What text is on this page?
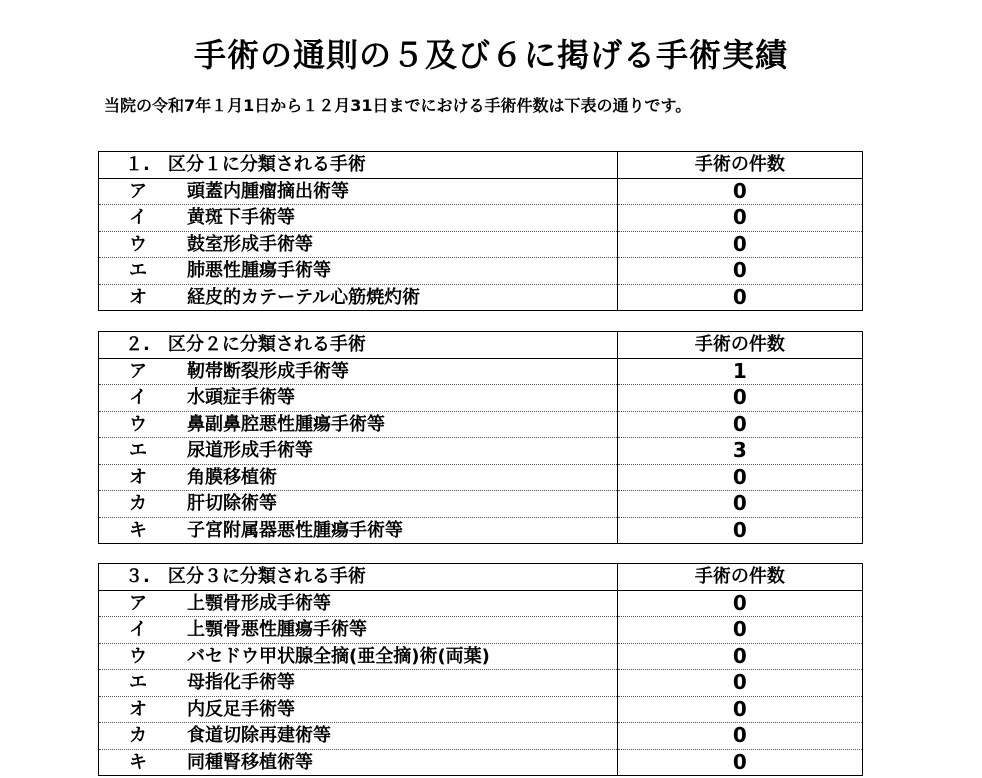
手術の通則の５及び６に掲げる手術実績
当院の令和7年１月1日から１２月31日までにおける手術件数は下表の通りです。
１.　区分１に分類される手術	手術の件数
ア 頭蓋内腫瘤摘出術等	0
イ 黄斑下手術等	0
ウ 鼓室形成手術等	0
エ 肺悪性腫瘍手術等	0
オ 経皮的カテーテル心筋焼灼術	0
２.　区分２に分類される手術	手術の件数
ア 靭帯断裂形成手術等	1
イ 水頭症手術等	0
ウ 鼻副鼻腔悪性腫瘍手術等	0
エ 尿道形成手術等	3
オ 角膜移植術	0
カ 肝切除術等	0
キ 子宮附属器悪性腫瘍手術等	0
３.　区分３に分類される手術	手術の件数
ア 上顎骨形成手術等	0
イ 上顎骨悪性腫瘍手術等	0
ウ バセドウ甲状腺全摘(亜全摘)術(両葉)	0
エ 母指化手術等	0
オ 内反足手術等	0
カ 食道切除再建術等	0
キ 同種腎移植術等	0
